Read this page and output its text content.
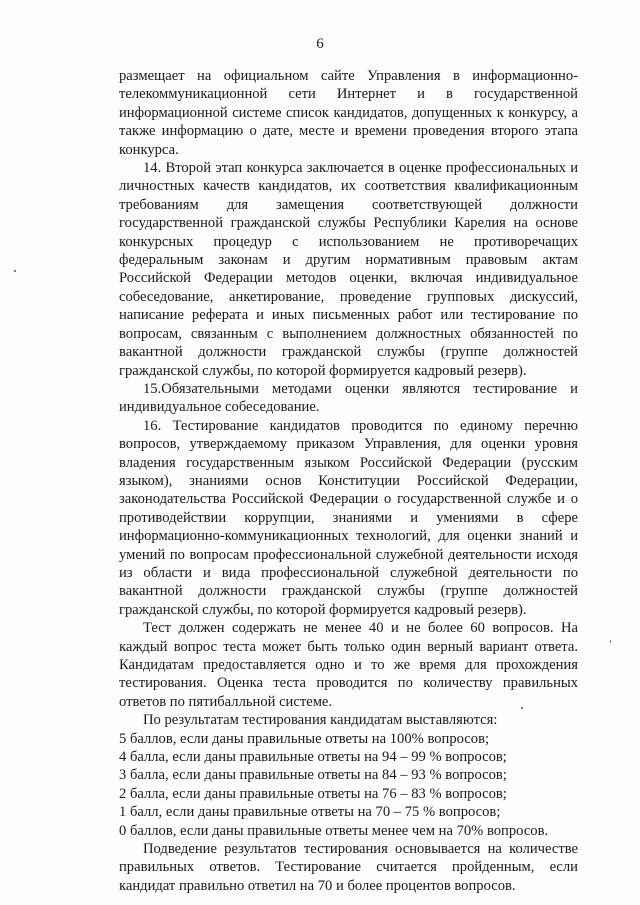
6

размещает на официальном сайте Управления в информационно-телекоммуникационной сети Интернет и в государственной информационной системе список кандидатов, допущенных к конкурсу, а также информацию о дате, месте и времени проведения второго этапа конкурса.

14. Второй этап конкурса заключается в оценке профессиональных и личностных качеств кандидатов, их соответствия квалификационным требованиям для замещения соответствующей должности государственной гражданской службы Республики Карелия на основе конкурсных процедур с использованием не противоречащих федеральным законам и другим нормативным правовым актам Российской Федерации методов оценки, включая индивидуальное собеседование, анкетирование, проведение групповых дискуссий, написание реферата и иных письменных работ или тестирование по вопросам, связанным с выполнением должностных обязанностей по вакантной должности гражданской службы (группе должностей гражданской службы, по которой формируется кадровый резерв).

15.Обязательными методами оценки являются тестирование и индивидуальное собеседование.

16. Тестирование кандидатов проводится по единому перечню вопросов, утверждаемому приказом Управления, для оценки уровня владения государственным языком Российской Федерации (русским языком), знаниями основ Конституции Российской Федерации, законодательства Российской Федерации о государственной службе и о противодействии коррупции, знаниями и умениями в сфере информационно-коммуникационных технологий, для оценки знаний и умений по вопросам профессиональной служебной деятельности исходя из области и вида профессиональной служебной деятельности по вакантной должности гражданской службы (группе должностей гражданской службы, по которой формируется кадровый резерв).

Тест должен содержать не менее 40 и не более 60 вопросов. На каждый вопрос теста может быть только один верный вариант ответа. Кандидатам предоставляется одно и то же время для прохождения тестирования. Оценка теста проводится по количеству правильных ответов по пятибалльной системе.

По результатам тестирования кандидатам выставляются:

5 баллов, если даны правильные ответы на 100% вопросов;

4 балла, если даны правильные ответы на 94 – 99 % вопросов;

3 балла, если даны правильные ответы на 84 – 93 % вопросов;

2 балла, если даны правильные ответы на 76 – 83 % вопросов;

1 балл, если даны правильные ответы на 70 – 75 % вопросов;

0 баллов, если даны правильные ответы менее чем на 70% вопросов.

Подведение результатов тестирования основывается на количестве правильных ответов. Тестирование считается пройденным, если кандидат правильно ответил на 70 и более процентов вопросов.
